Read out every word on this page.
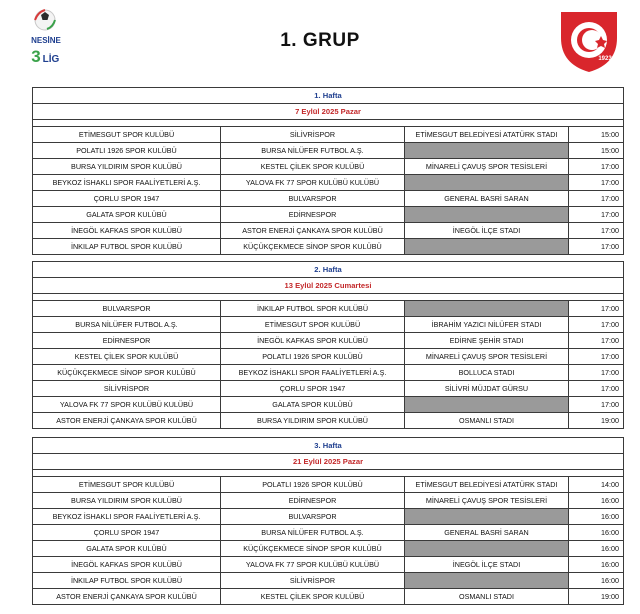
NESİNE
3 LİG
1. GRUP
1923
1. Hafta			
7 Eylül 2025 Pazar			

ETİMESGUT SPOR KULÜBÜ	SİLİVRİSPOR	ETİMESGUT BELEDİYESİ ATATÜRK STADI	15:00
POLATLI 1926 SPOR KULÜBÜ	BURSA NİLÜFER FUTBOL A.Ş.		15:00
BURSA YILDIRIM SPOR KULÜBÜ	KESTEL ÇİLEK SPOR KULÜBÜ	MİNARELİ ÇAVUŞ SPOR TESİSLERİ	17:00
BEYKOZ İSHAKLI SPOR FAALİYETLERİ A.Ş.	YALOVA FK 77 SPOR KULÜBÜ KULÜBÜ		17:00
ÇORLU SPOR 1947	BULVARSPOR	GENERAL BASRİ SARAN	17:00
GALATA SPOR KULÜBÜ	EDİRNESPOR		17:00
İNEGÖL KAFKAS SPOR KULÜBÜ	ASTOR ENERJİ ÇANKAYA SPOR KULÜBÜ	İNEGÖL İLÇE STADI	17:00
İNKILAP FUTBOL SPOR KULÜBÜ	KÜÇÜKÇEKMECE SİNOP SPOR KULÜBÜ		17:00
2. Hafta			
13 Eylül 2025 Cumartesi			

BULVARSPOR	İNKILAP FUTBOL SPOR KULÜBÜ		17:00
BURSA NİLÜFER FUTBOL A.Ş.	ETİMESGUT SPOR KULÜBÜ	İBRAHİM YAZICI NİLÜFER STADI	17:00
EDİRNESPOR	İNEGÖL KAFKAS SPOR KULÜBÜ	EDİRNE ŞEHİR STADI	17:00
KESTEL ÇİLEK SPOR KULÜBÜ	POLATLI 1926 SPOR KULÜBÜ	MİNARELİ ÇAVUŞ SPOR TESİSLERİ	17:00
KÜÇÜKÇEKMECE SİNOP SPOR KULÜBÜ	BEYKOZ İSHAKLI SPOR FAALİYETLERİ A.Ş.	BOLLUCA STADI	17:00
SİLİVRİSPOR	ÇORLU SPOR 1947	SİLİVRİ MÜJDAT GÜRSU	17:00
YALOVA FK 77 SPOR KULÜBÜ KULÜBÜ	GALATA SPOR KULÜBÜ		17:00
ASTOR ENERJİ ÇANKAYA SPOR KULÜBÜ	BURSA YILDIRIM SPOR KULÜBÜ	OSMANLI STADI	19:00
3. Hafta			
21 Eylül 2025 Pazar			

ETİMESGUT SPOR KULÜBÜ	POLATLI 1926 SPOR KULÜBÜ	ETİMESGUT BELEDİYESİ ATATÜRK STADI	14:00
BURSA YILDIRIM SPOR KULÜBÜ	EDİRNESPOR	MİNARELİ ÇAVUŞ SPOR TESİSLERİ	16:00
BEYKOZ İSHAKLI SPOR FAALİYETLERİ A.Ş.	BULVARSPOR		16:00
ÇORLU SPOR 1947	BURSA NİLÜFER FUTBOL A.Ş.	GENERAL BASRİ SARAN	16:00
GALATA SPOR KULÜBÜ	KÜÇÜKÇEKMECE SİNOP SPOR KULÜBÜ		16:00
İNEGÖL KAFKAS SPOR KULÜBÜ	YALOVA FK 77 SPOR KULÜBÜ KULÜBÜ	İNEGÖL İLÇE STADI	16:00
İNKILAP FUTBOL SPOR KULÜBÜ	SİLİVRİSPOR		16:00
ASTOR ENERJİ ÇANKAYA SPOR KULÜBÜ	KESTEL ÇİLEK SPOR KULÜBÜ	OSMANLI STADI	19:00
